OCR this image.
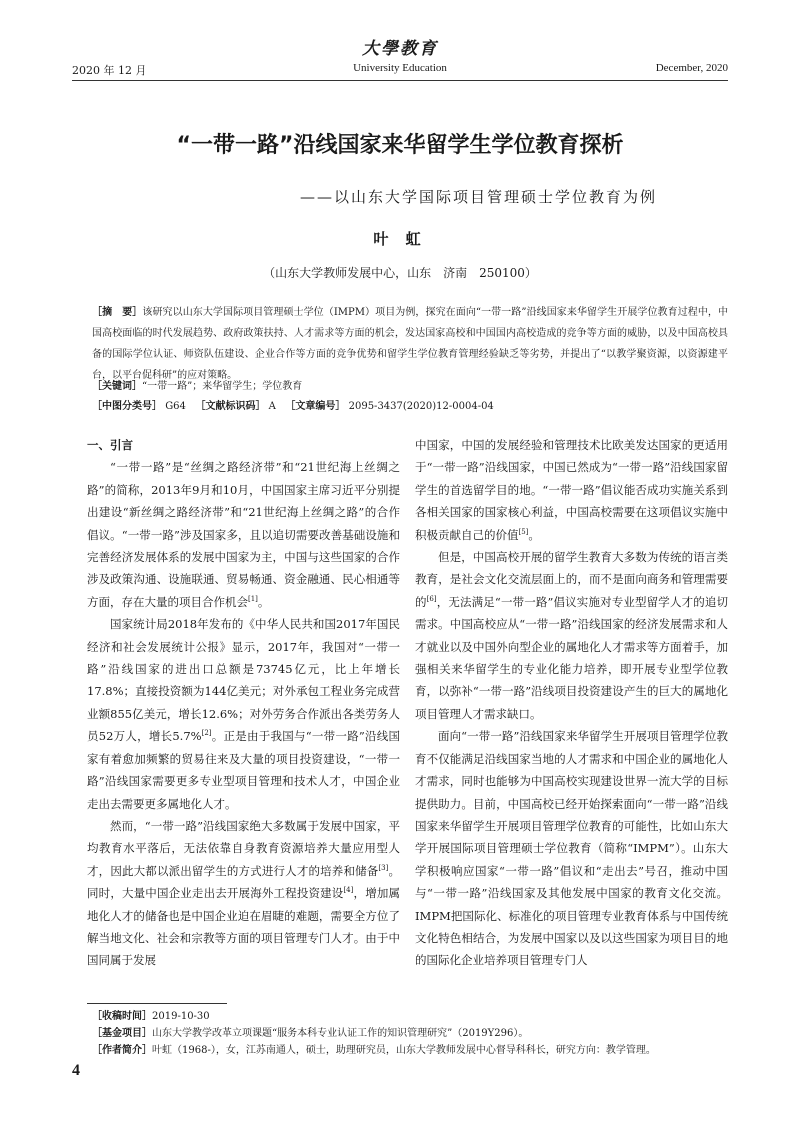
大學教育
2020 年 12 月	University Education	December, 2020
“一带一路”沿线国家来华留学生学位教育探析
——以山东大学国际项目管理硕士学位教育为例
叶 虹
（山东大学教师发展中心，山东　济南　250100）
［摘　要］该研究以山东大学国际项目管理硕士学位（IMPM）项目为例，探究在面向“一带一路”沿线国家来华留学生开展学位教育过程中，中国高校面临的时代发展趋势、政府政策扶持、人才需求等方面的机会，发达国家高校和中国国内高校造成的竞争等方面的威胁，以及中国高校具备的国际学位认证、师资队伍建设、企业合作等方面的竞争优势和留学生学位教育管理经验缺乏等劣势，并提出了“以教学聚资源，以资源建平台，以平台促科研”的应对策略。
［关键词］“一带一路”；来华留学生；学位教育
［中图分类号］ G64 ［文献标识码］ A ［文章编号］ 2095-3437(2020)12-0004-04
一、引言

“一带一路”是“丝绸之路经济带”和“21世纪海上丝绸之路”的简称，2013年9月和10月，中国国家主席习近平分别提出建设“新丝绸之路经济带”和“21世纪海上丝绸之路”的合作倡议。“一带一路”涉及国家多，且以追切需要改善基础设施和完善经济发展体系的发展中国家为主，中国与这些国家的合作涉及政策沟通、设施联通、贸易畅通、资金融通、民心相通等方面，存在大量的项目合作机会[1]。

国家统计局2018年发布的《中华人民共和国2017年国民经济和社会发展统计公报》显示，2017年，我国对“一带一路”沿线国家的进出口总额是73745亿元，比上年增长17.8%；直接投资额为144亿美元；对外承包工程业务完成营业额855亿美元，增长12.6%；对外劳务合作派出各类劳务人员52万人，增长5.7%[2]。正是由于我国与“一带一路”沿线国家有着愈加频繁的贸易往来及大量的项目投资建设，“一带一路”沿线国家需要更多专业型项目管理和技术人才，中国企业走出去需要更多属地化人才。

然而，“一带一路”沿线国家绝大多数属于发展中国家，平均教育水平落后，无法依靠自身教育资源培养大量应用型人才，因此大都以派出留学生的方式进行人才的培养和储备[3]。同时，大量中国企业走出去开展海外工程投资建设[4]，增加属地化人才的储备也是中国企业迫在眉睫的难题，需要全方位了解当地文化、社会和宗教等方面的项目管理专门人才。由于中国同属于发展

中国家，中国的发展经验和管理技术比欧美发达国家的更适用于“一带一路”沿线国家，中国已然成为“一带一路”沿线国家留学生的首选留学目的地。“一带一路”倡议能否成功实施关系到各相关国家的国家核心利益，中国高校需要在这项倡议实施中积极贡献自己的价值[5]。

但是，中国高校开展的留学生教育大多数为传统的语言类教育，是社会文化交流层面上的，而不是面向商务和管理需要的[6]，无法满足“一带一路”倡议实施对专业型留学人才的追切需求。中国高校应从“一带一路”沿线国家的经济发展需求和人才就业以及中国外向型企业的属地化人才需求等方面着手，加强相关来华留学生的专业化能力培养，即开展专业型学位教育，以弥补“一带一路”沿线项目投资建设产生的巨大的属地化项目管理人才需求缺口。

面向“一带一路”沿线国家来华留学生开展项目管理学位教育不仅能满足沿线国家当地的人才需求和中国企业的属地化人才需求，同时也能够为中国高校实现建设世界一流大学的目标提供助力。目前，中国高校已经开始探索面向“一带一路”沿线国家来华留学生开展项目管理学位教育的可能性，比如山东大学开展国际项目管理硕士学位教育（简称“IMPM”）。山东大学积极响应国家“一带一路”倡议和“走出去”号召，推动中国与“一带一路”沿线国家及其他发展中国家的教育文化交流。IMPM把国际化、标准化的项目管理专业教育体系与中国传统文化特色相结合，为发展中国家以及以这些国家为项目目的地的国际化企业培养项目管理专门人

［收稿时间］2019-10-30
［基金项目］山东大学教学改革立项课题“服务本科专业认证工作的知识管理研究”（2019Y296）。
［作者简介］叶虹（1968-），女，江苏南通人，硕士，助理研究员，山东大学教师发展中心督导科科长，研究方向：教学管理。
4
